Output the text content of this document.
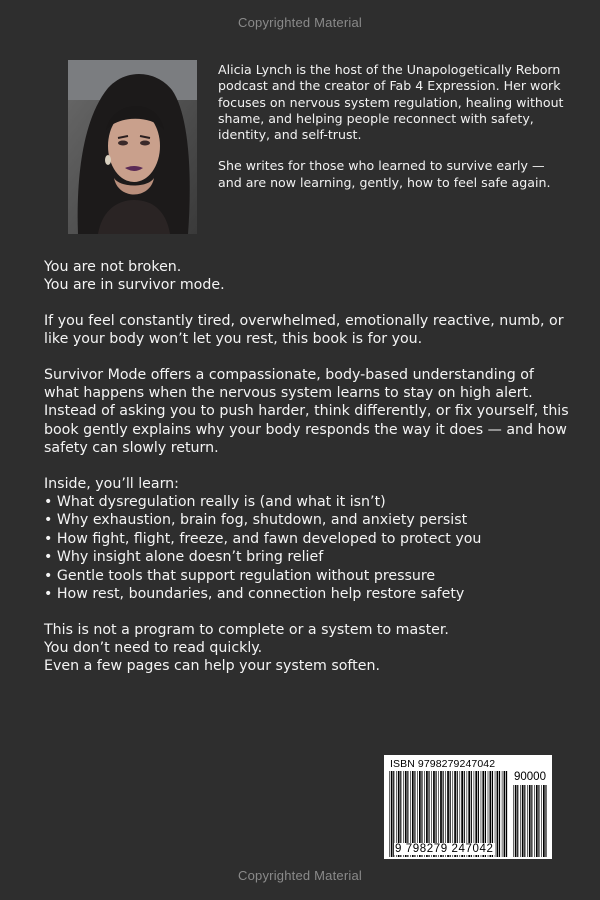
Copyrighted Material

Alicia Lynch is the host of the Unapologetically Reborn podcast and the creator of Fab 4 Expression. Her work focuses on nervous system regulation, healing without shame, and helping people reconnect with safety, identity, and self-trust.

She writes for those who learned to survive early — and are now learning, gently, how to feel safe again.

You are not broken.
You are in survivor mode.

If you feel constantly tired, overwhelmed, emotionally reactive, numb, or like your body won’t let you rest, this book is for you.

Survivor Mode offers a compassionate, body-based understanding of what happens when the nervous system learns to stay on high alert. Instead of asking you to push harder, think differently, or fix yourself, this book gently explains why your body responds the way it does — and how safety can slowly return.

Inside, you’ll learn:

• What dysregulation really is (and what it isn’t)
• Why exhaustion, brain fog, shutdown, and anxiety persist
• How fight, flight, freeze, and fawn developed to protect you
• Why insight alone doesn’t bring relief
• Gentle tools that support regulation without pressure
• How rest, boundaries, and connection help restore safety

This is not a program to complete or a system to master.
You don’t need to read quickly.
Even a few pages can help your system soften.

ISBN 9798279247042
90000
9 798279 247042
Copyrighted Material
